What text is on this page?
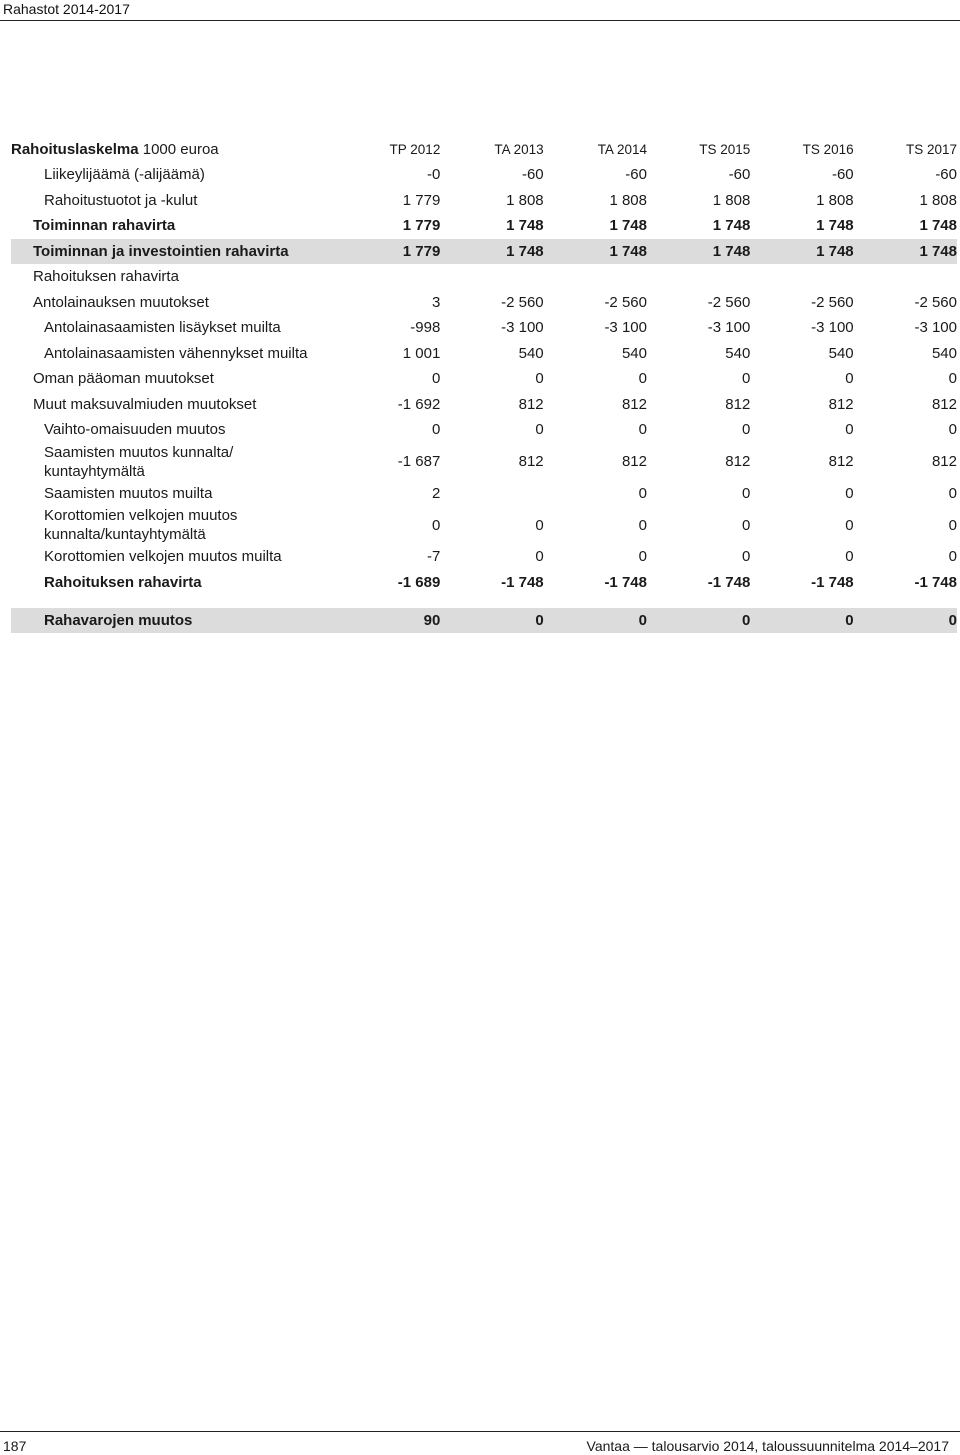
Rahastot 2014-2017
Rahoituslaskelma 1000 euroa	TP 2012	TA 2013	TA 2014	TS 2015	TS 2016	TS 2017
Liikeylijäämä (-alijäämä)	-0	-60	-60	-60	-60	-60
Rahoitustuotot ja -kulut	1 779	1 808	1 808	1 808	1 808	1 808
Toiminnan rahavirta	1 779	1 748	1 748	1 748	1 748	1 748
Toiminnan ja investointien rahavirta	1 779	1 748	1 748	1 748	1 748	1 748
Rahoituksen rahavirta						
Antolainauksen muutokset	3	-2 560	-2 560	-2 560	-2 560	-2 560
Antolainasaamisten lisäykset muilta	-998	-3 100	-3 100	-3 100	-3 100	-3 100
Antolainasaamisten vähennykset muilta	1 001	540	540	540	540	540
Oman pääoman muutokset	0	0	0	0	0	0
Muut maksuvalmiuden muutokset	-1 692	812	812	812	812	812
Vaihto-omaisuuden muutos	0	0	0	0	0	0
Saamisten muutos kunnalta/ kuntayhtymältä	-1 687	812	812	812	812	812
Saamisten muutos muilta	2		0	0	0	0
Korottomien velkojen muutos kunnalta/kuntayhtymältä	0	0	0	0	0	0
Korottomien velkojen muutos muilta	-7	0	0	0	0	0
Rahoituksen rahavirta	-1 689	-1 748	-1 748	-1 748	-1 748	-1 748

Rahavarojen muutos	90	0	0	0	0	0
187	Vantaa — talousarvio 2014, taloussuunnitelma 2014–2017
